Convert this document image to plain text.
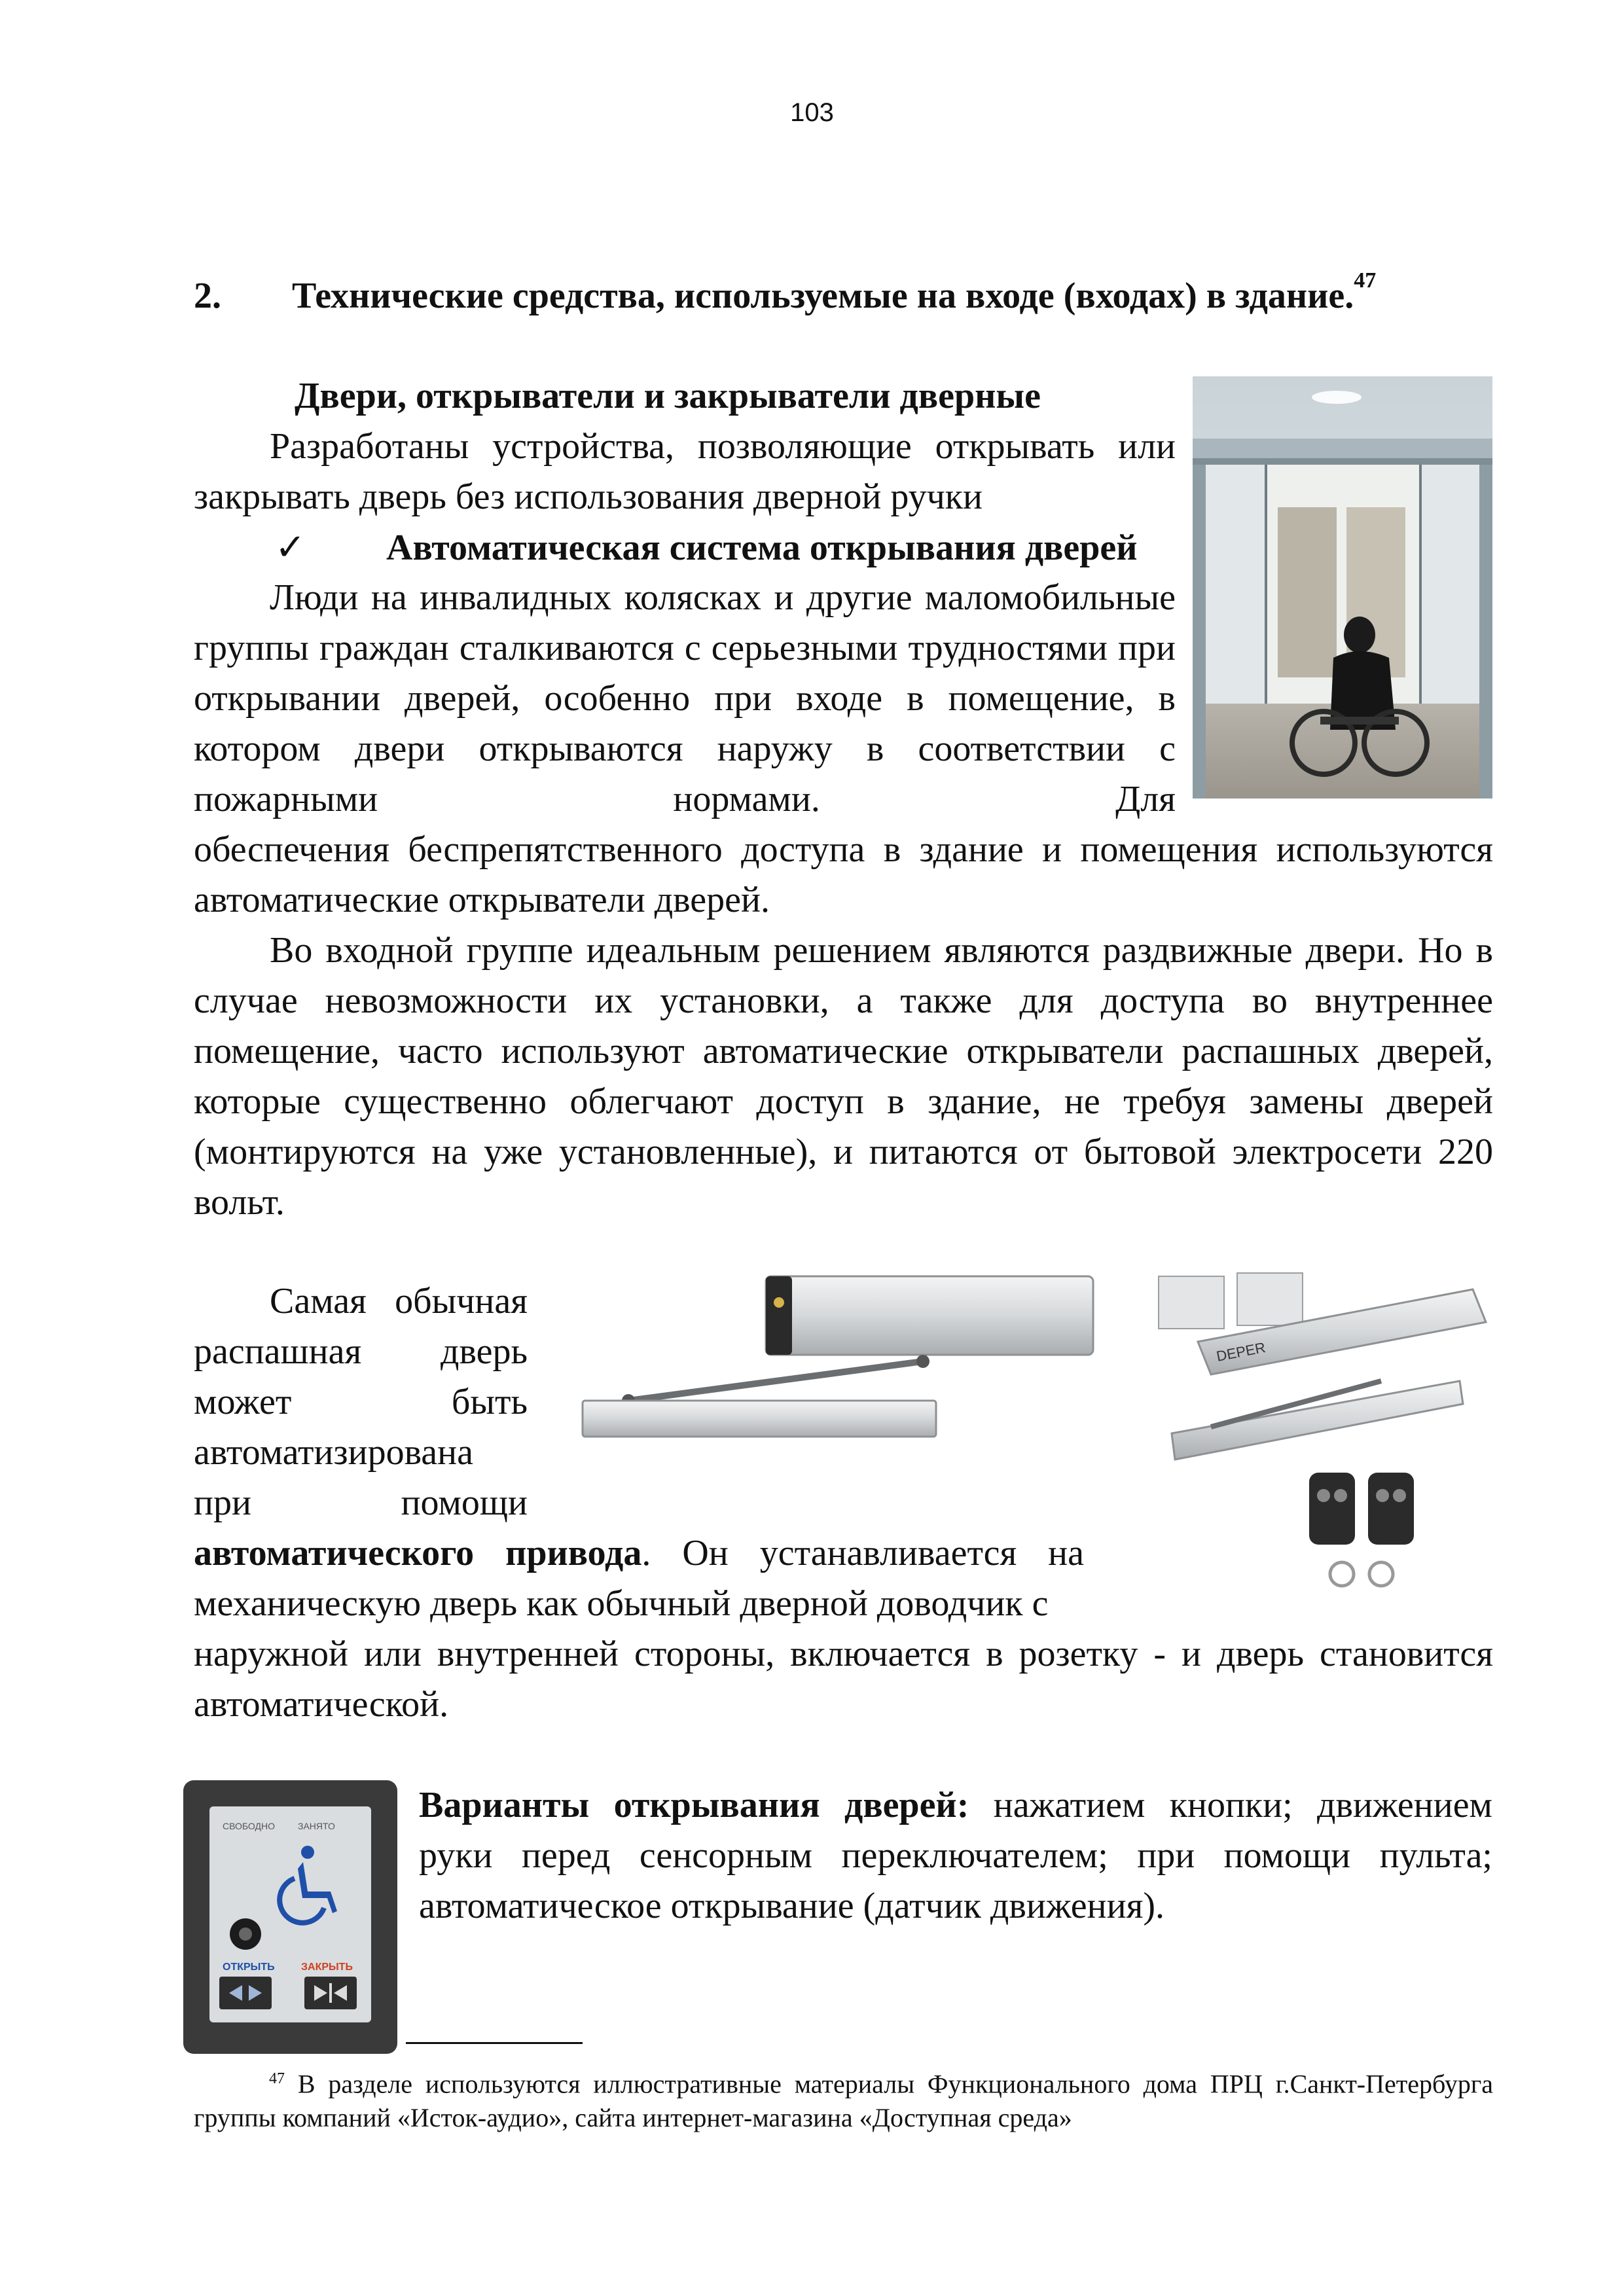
103
2. Технические средства, используемые на входе (входах) в здание.$^{47}$
Двери, открыватели и закрыватели дверные
Разработаны устройства, позволяющие открывать или закрывать дверь без использования дверной ручки
✓ Автоматическая система открывания дверей
Люди на инвалидных колясках и другие маломобильные группы граждан сталкиваются с серьезными трудностями при открывании дверей, особенно при входе в помещение, в котором двери открываются наружу в соответствии с пожарными нормами. Для
обеспечения беспрепятственного доступа в здание и помещения используются автоматические открыватели дверей.
Во входной группе идеальным решением являются раздвижные двери. Но в случае невозможности их установки, а также для доступа во внутреннее помещение, часто используют автоматические открыватели распашных дверей, которые существенно облегчают доступ в здание, не требуя замены дверей (монтируются на уже установленные), и питаются от бытовой электросети 220 вольт.
Самая обычная распашная дверь может быть автоматизирована при помощи
автоматического привода. Он устанавливается на механическую дверь как обычный дверной доводчик с
наружной или внутренней стороны, включается в розетку - и дверь становится автоматической.
Варианты открывания дверей: нажатием кнопки; движением руки перед сенсорным переключателем; при помощи пульта; автоматическое открывание (датчик движения).
DEPER
СВОБОДНО	ЗАНЯТО
ОТКРЫТЬ	ЗАКРЫТЬ
$^{47}$ В разделе используются иллюстративные материалы Функционального дома ПРЦ г.Санкт-Петербурга группы компаний «Исток-аудио», сайта интернет-магазина «Доступная среда»
